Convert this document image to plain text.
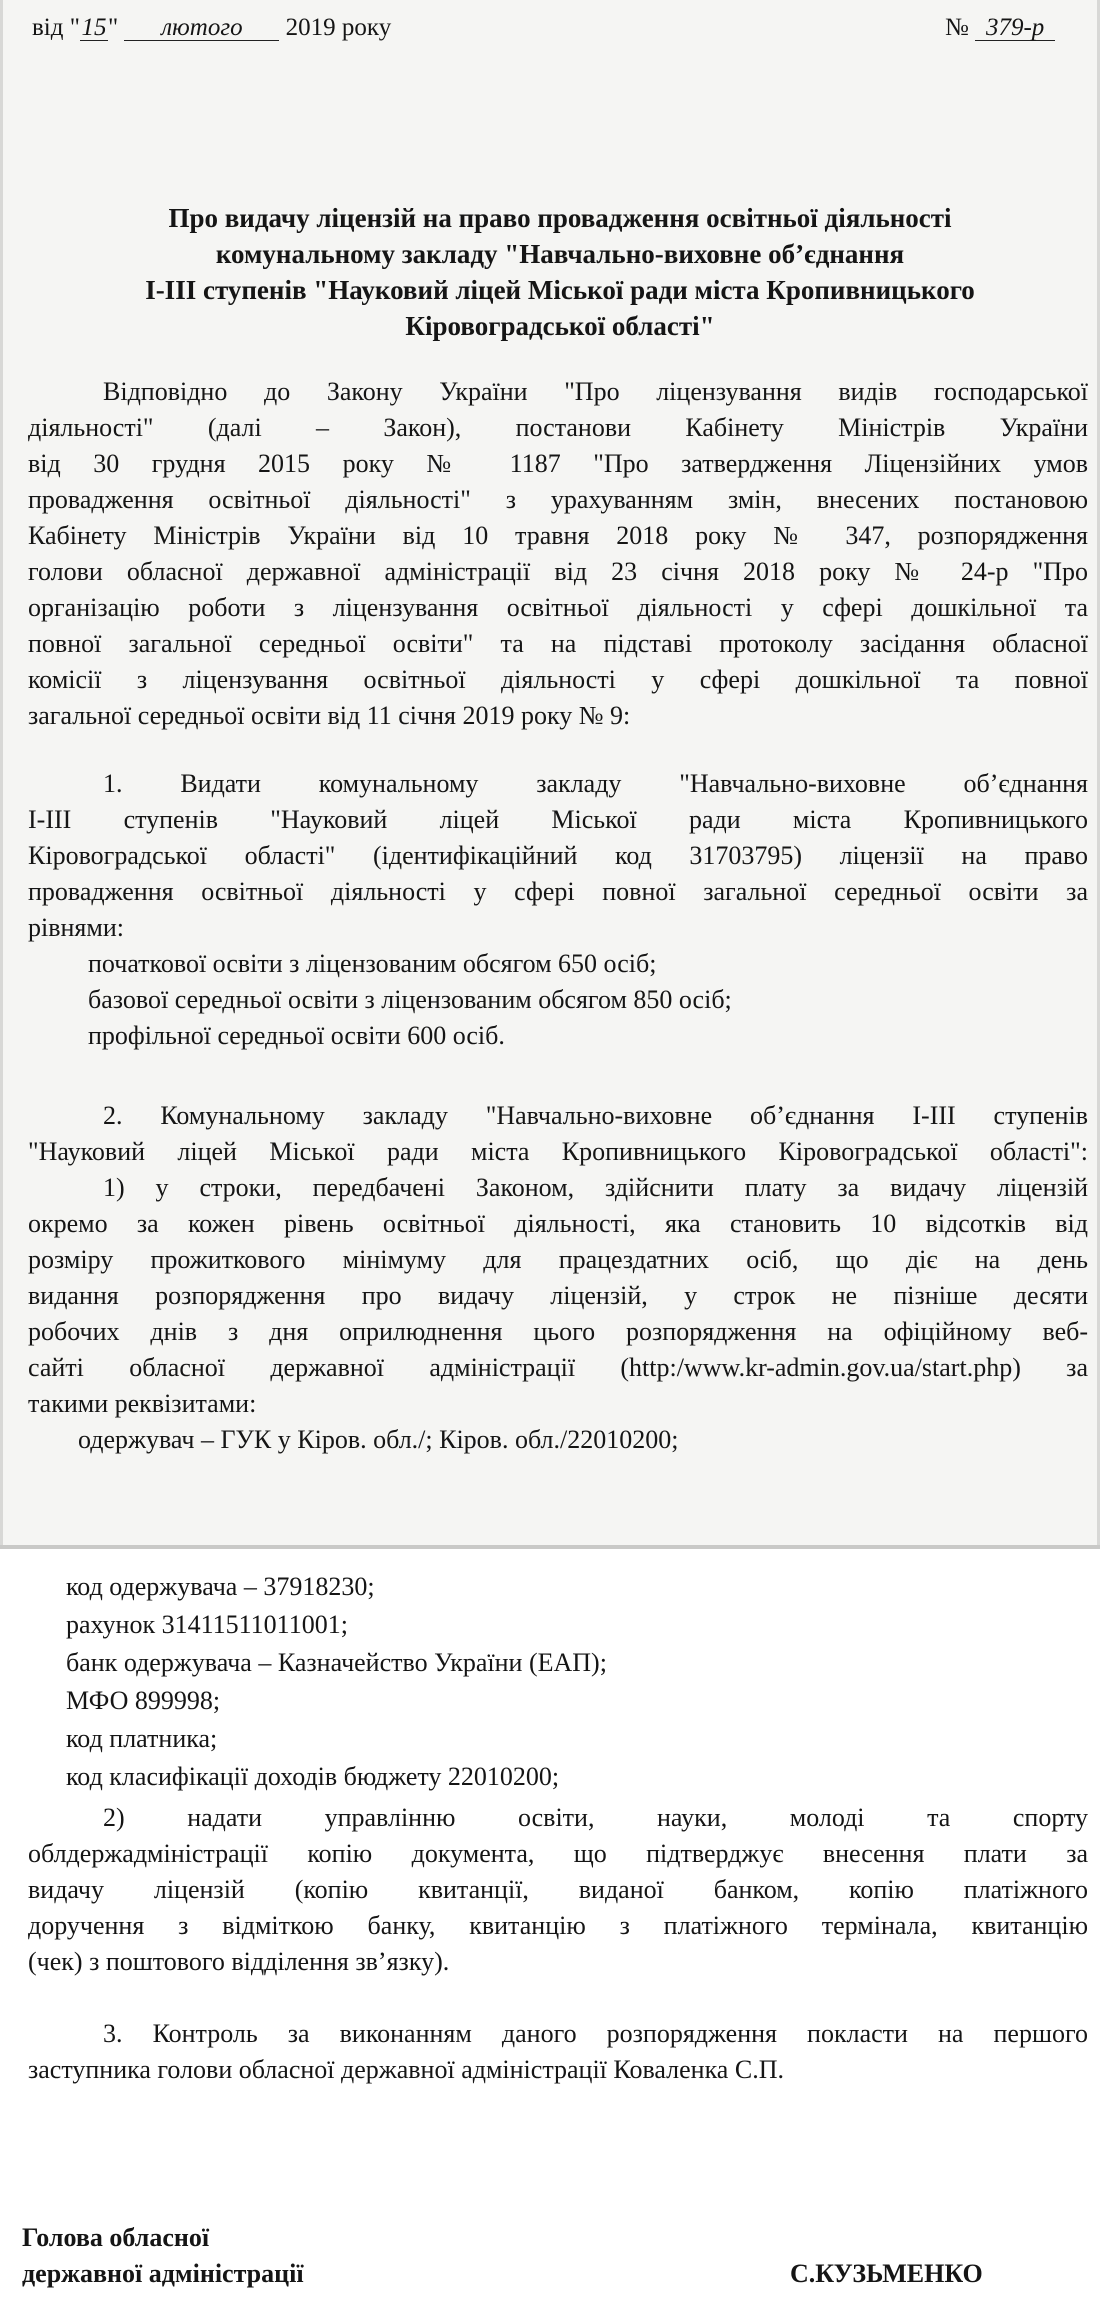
від "15" лютого 2019 року	№ 379-р
Про видачу ліцензій на право провадження освітньої діяльності
комунальному закладу "Навчально-виховне об’єднання
І-ІІІ ступенів "Науковий ліцей Міської ради міста Кропивницького
Кіровоградської області"
Відповідно до Закону України "Про ліцензування видів господарської
діяльності" (далі – Закон), постанови Кабінету Міністрів України
від 30 грудня 2015 року № 1187 "Про затвердження Ліцензійних умов
провадження освітньої діяльності" з урахуванням змін, внесених постановою
Кабінету Міністрів України від 10 травня 2018 року № 347, розпорядження
голови обласної державної адміністрації від 23 січня 2018 року № 24-р "Про
організацію роботи з ліцензування освітньої діяльності у сфері дошкільної та
повної загальної середньої освіти" та на підставі протоколу засідання обласної
комісії з ліцензування освітньої діяльності у сфері дошкільної та повної
загальної середньої освіти від 11 січня 2019 року № 9:
1. Видати комунальному закладу "Навчально-виховне об’єднання
І-ІІІ ступенів "Науковий ліцей Міської ради міста Кропивницького
Кіровоградської області" (ідентифікаційний код 31703795) ліцензії на право
провадження освітньої діяльності у сфері повної загальної середньої освіти за
рівнями:
початкової освіти з ліцензованим обсягом 650 осіб;
базової середньої освіти з ліцензованим обсягом 850 осіб;
профільної середньої освіти 600 осіб.
2. Комунальному закладу "Навчально-виховне об’єднання І-ІІІ ступенів
"Науковий ліцей Міської ради міста Кропивницького Кіровоградської області":
1) у строки, передбачені Законом, здійснити плату за видачу ліцензій
окремо за кожен рівень освітньої діяльності, яка становить 10 відсотків від
розміру прожиткового мінімуму для працездатних осіб, що діє на день
видання розпорядження про видачу ліцензій, у строк не пізніше десяти
робочих днів з дня оприлюднення цього розпорядження на офіційному веб-
сайті обласної державної адміністрації (http:/www.kr-admin.gov.ua/start.php) за
такими реквізитами:
одержувач – ГУК у Кіров. обл./; Кіров. обл./22010200;
код одержувача – 37918230;
рахунок 31411511011001;
банк одержувача – Казначейство України (ЕАП);
МФО 899998;
код платника;
код класифікації доходів бюджету 22010200;
2) надати управлінню освіти, науки, молоді та спорту
облдержадміністрації копію документа, що підтверджує внесення плати за
видачу ліцензій (копію квитанції, виданої банком, копію платіжного
доручення з відміткою банку, квитанцію з платіжного термінала, квитанцію
(чек) з поштового відділення зв’язку).
3. Контроль за виконанням даного розпорядження покласти на першого
заступника голови обласної державної адміністрації Коваленка С.П.
Голова обласної
державної адміністрації	С.КУЗЬМЕНКО
